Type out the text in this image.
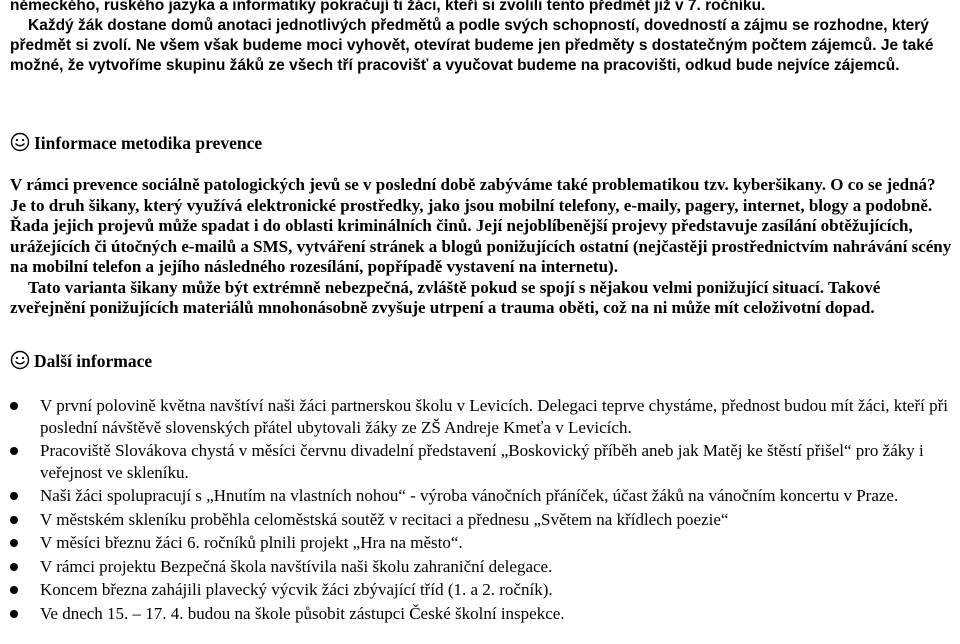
německého, ruského jazyka a informatiky pokračují ti žáci, kteří si zvolili tento předmět již v 7. ročníku.

Každý žák dostane domů anotaci jednotlivých předmětů a podle svých schopností, dovedností a zájmu se rozhodne, který předmět si zvolí. Ne všem však budeme moci vyhovět, otevírat budeme jen předměty s dostatečným počtem zájemců. Je také možné, že vytvoříme skupinu žáků ze všech tří pracovišť a vyučovat budeme na pracovišti, odkud bude nejvíce zájemců.

Iinformace metodika prevence

V rámci prevence sociálně patologických jevů se v poslední době zabýváme také problematikou tzv. kyberšikany. O co se jedná? Je to druh šikany, který využívá elektronické prostředky, jako jsou mobilní telefony, e-maily, pagery, internet, blogy a podobně. Řada jejich projevů může spadat i do oblasti kriminálních činů. Její nejoblíbenější projevy představuje zasílání obtěžujících, urážejících či útočných e-mailů a SMS, vytváření stránek a blogů ponižujících ostatní (nejčastěji prostřednictvím nahrávání scény na mobilní telefon a jejího následného rozesílání, popřípadě vystavení na internetu).

Tato varianta šikany může být extrémně nebezpečná, zvláště pokud se spojí s nějakou velmi ponižující situací. Takové zveřejnění ponižujících materiálů mnohonásobně zvyšuje utrpení a trauma oběti, což na ni může mít celoživotní dopad.

Další informace

V první polovině května navštíví naši žáci partnerskou školu v Levicích. Delegaci teprve chystáme, přednost budou mít žáci, kteří při poslední návštěvě slovenských přátel ubytovali žáky ze ZŠ Andreje Kmeťa v Levicích.
Pracoviště Slovákova chystá v měsíci červnu divadelní představení „Boskovický příběh aneb jak Matěj ke štěstí přišel“ pro žáky i veřejnost ve skleníku.
Naši žáci spolupracují s „Hnutím na vlastních nohou“ - výroba vánočních přáníček, účast žáků na vánočním koncertu v Praze.
V městském skleníku proběhla celoměstská soutěž v recitaci a přednesu „Světem na křídlech poezie“
V měsíci březnu žáci 6. ročníků plnili projekt „Hra na město“.
V rámci projektu Bezpečná škola navštívila naši školu zahraniční delegace.
Koncem března zahájili plavecký výcvik žáci zbývající tříd (1. a 2. ročník).
Ve dnech 15. – 17. 4. budou na škole působit zástupci České školní inspekce.
